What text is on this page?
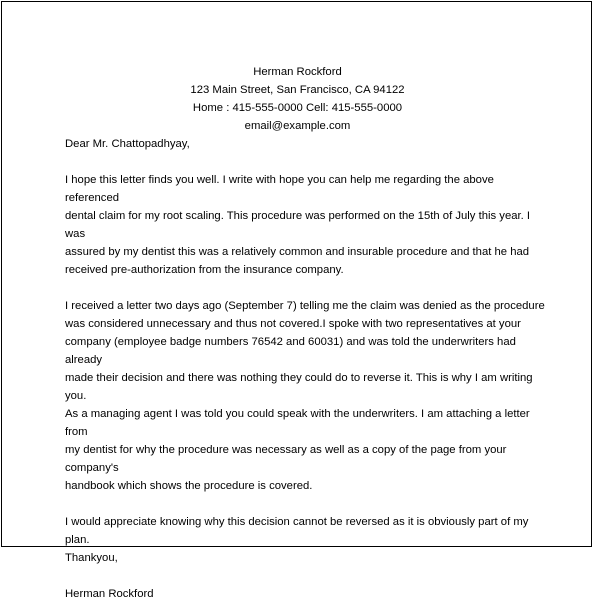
Herman Rockford
123 Main Street, San Francisco, CA 94122
Home : 415-555-0000 Cell: 415-555-0000
email@example.com
Dear Mr. Chattopadhyay,
I hope this letter finds you well. I write with hope you can help me regarding the above referenced
dental claim for my root scaling. This procedure was performed on the 15th of July this year. I was
assured by my dentist this was a relatively common and insurable procedure and that he had
received pre-authorization from the insurance company.
I received a letter two days ago (September 7) telling me the claim was denied as the procedure
was considered unnecessary and thus not covered.I spoke with two representatives at your
company (employee badge numbers 76542 and 60031) and was told the underwriters had already
made their decision and there was nothing they could do to reverse it. This is why I am writing you.
As a managing agent I was told you could speak with the underwriters. I am attaching a letter from
my dentist for why the procedure was necessary as well as a copy of the page from your company's
handbook which shows the procedure is covered.
I would appreciate knowing why this decision cannot be reversed as it is obviously part of my plan.
Thankyou,
Herman Rockford
